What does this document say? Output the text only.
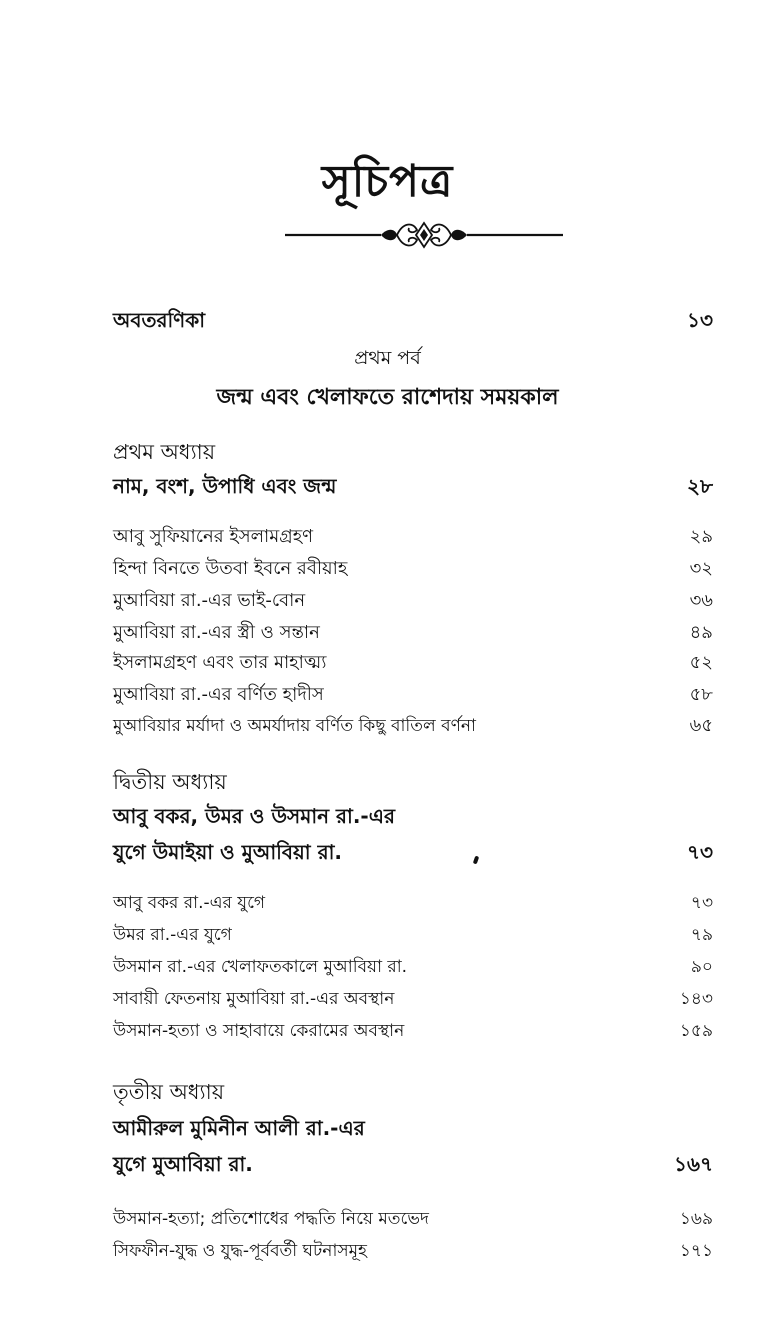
সূচিপত্র
অবতরণিকা	১৩
প্রথম পর্ব
জন্ম এবং খেলাফতে রাশেদায় সময়কাল
প্রথম অধ্যায়
নাম, বংশ, উপাধি এবং জন্ম	২৮
আবু সুফিয়ানের ইসলামগ্রহণ	২৯
হিন্দা বিনতে উতবা ইবনে রবীয়াহ	৩২
মুআবিয়া রা.-এর ভাই-বোন	৩৬
মুআবিয়া রা.-এর স্ত্রী ও সন্তান	৪৯
ইসলামগ্রহণ এবং তার মাহাত্ম্য	৫২
মুআবিয়া রা.-এর বর্ণিত হাদীস	৫৮
মুআবিয়ার মর্যাদা ও অমর্যাদায় বর্ণিত কিছু বাতিল বর্ণনা	৬৫
দ্বিতীয় অধ্যায়
আবু বকর, উমর ও উসমান রা.-এর
যুগে উমাইয়া ও মুআবিয়া রা.	৭৩
আবু বকর রা.-এর যুগে	৭৩
উমর রা.-এর যুগে	৭৯
উসমান রা.-এর খেলাফতকালে মুআবিয়া রা.	৯০
সাবায়ী ফেতনায় মুআবিয়া রা.-এর অবস্থান	১৪৩
উসমান-হত্যা ও সাহাবায়ে কেরামের অবস্থান	১৫৯
তৃতীয় অধ্যায়
আমীরুল মুমিনীন আলী রা.-এর
যুগে মুআবিয়া রা.	১৬৭
উসমান-হত্যা; প্রতিশোধের পদ্ধতি নিয়ে মতভেদ	১৬৯
সিফফীন-যুদ্ধ ও যুদ্ধ-পূর্ববর্তী ঘটনাসমূহ	১৭১
